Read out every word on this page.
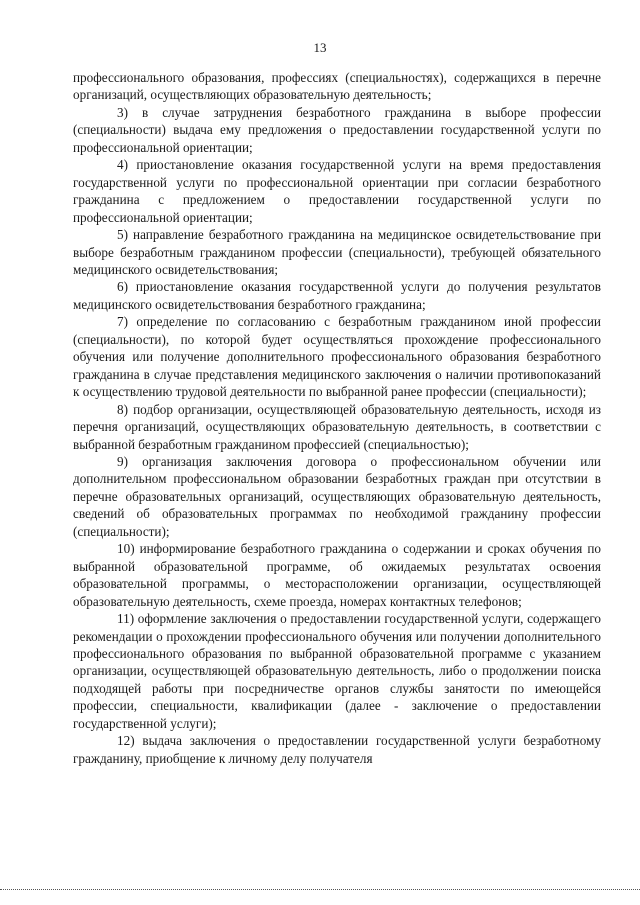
13

профессионального образования, профессиях (специальностях), содержащихся в перечне организаций, осуществляющих образовательную деятельность;

3) в случае затруднения безработного гражданина в выборе профессии (специальности) выдача ему предложения о предоставлении государственной услуги по профессиональной ориентации;

4) приостановление оказания государственной услуги на время предоставления государственной услуги по профессиональной ориентации при согласии безработного гражданина с предложением о предоставлении государственной услуги по профессиональной ориентации;

5) направление безработного гражданина на медицинское освидетельствование при выборе безработным гражданином профессии (специальности), требующей обязательного медицинского освидетельствования;

6) приостановление оказания государственной услуги до получения результатов медицинского освидетельствования безработного гражданина;

7) определение по согласованию с безработным гражданином иной профессии (специальности), по которой будет осуществляться прохождение профессионального обучения или получение дополнительного профессионального образования безработного гражданина в случае представления медицинского заключения о наличии противопоказаний к осуществлению трудовой деятельности по выбранной ранее профессии (специальности);

8) подбор организации, осуществляющей образовательную деятельность, исходя из перечня организаций, осуществляющих образовательную деятельность, в соответствии с выбранной безработным гражданином профессией (специальностью);

9) организация заключения договора о профессиональном обучении или дополнительном профессиональном образовании безработных граждан при отсутствии в перечне образовательных организаций, осуществляющих образовательную деятельность, сведений об образовательных программах по необходимой гражданину профессии (специальности);

10) информирование безработного гражданина о содержании и сроках обучения по выбранной образовательной программе, об ожидаемых результатах освоения образовательной программы, о месторасположении организации, осуществляющей образовательную деятельность, схеме проезда, номерах контактных телефонов;

11) оформление заключения о предоставлении государственной услуги, содержащего рекомендации о прохождении профессионального обучения или получении дополнительного профессионального образования по выбранной образовательной программе с указанием организации, осуществляющей образовательную деятельность, либо о продолжении поиска подходящей работы при посредничестве органов службы занятости по имеющейся профессии, специальности, квалификации (далее - заключение о предоставлении государственной услуги);

12) выдача заключения о предоставлении государственной услуги безработному гражданину, приобщение к личному делу получателя
